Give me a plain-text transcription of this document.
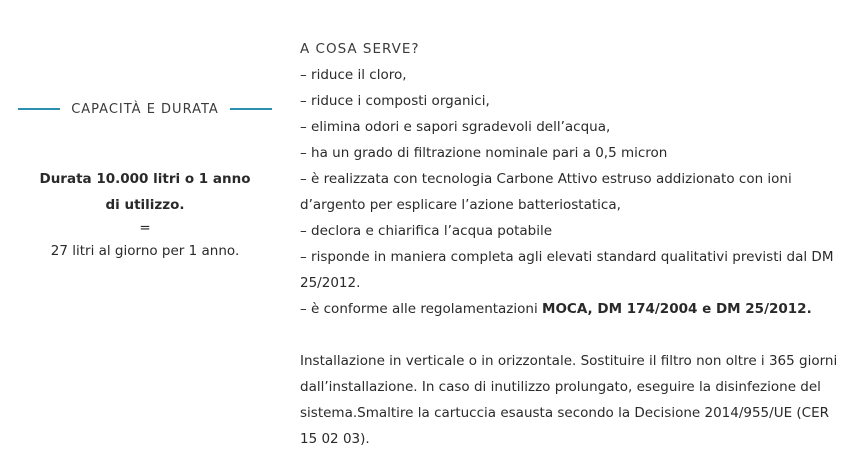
CAPACITÀ E DURATA
Durata 10.000 litri o 1 anno di utilizzo.
=
27 litri al giorno per 1 anno.

A COSA SERVE?

– riduce il cloro,
– riduce i composti organici,
– elimina odori e sapori sgradevoli dell’acqua,
– ha un grado di filtrazione nominale pari a 0,5 micron
– è realizzata con tecnologia Carbone Attivo estruso addizionato con ioni d’argento per esplicare l’azione batteriostatica,
– declora e chiarifica l’acqua potabile
– risponde in maniera completa agli elevati standard qualitativi previsti dal DM 25/2012.
– è conforme alle regolamentazioni MOCA, DM 174/2004 e DM 25/2012.

Installazione in verticale o in orizzontale. Sostituire il filtro non oltre i 365 giorni dall’installazione. In caso di inutilizzo prolungato, eseguire la disinfezione del sistema.Smaltire la cartuccia esausta secondo la Decisione 2014/955/UE (CER 15 02 03).
